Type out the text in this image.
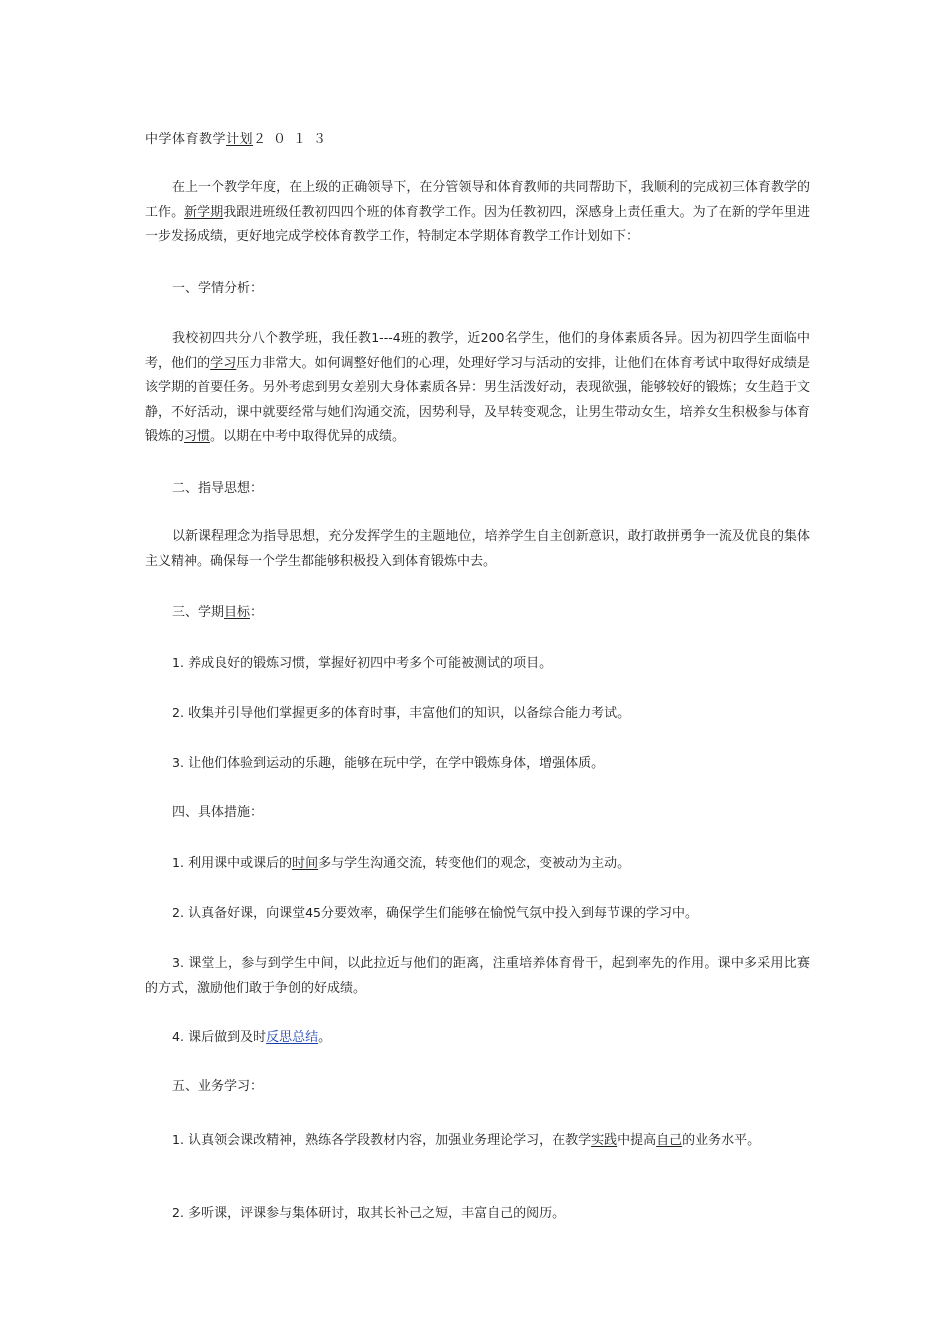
中学体育教学计划２０１３

在上一个教学年度，在上级的正确领导下，在分管领导和体育教师的共同帮助下，我顺利的完成初三体育教学的工作。新学期我跟进班级任教初四四个班的体育教学工作。因为任教初四，深感身上责任重大。为了在新的学年里进一步发扬成绩，更好地完成学校体育教学工作，特制定本学期体育教学工作计划如下：

一、学情分析：

我校初四共分八个教学班，我任教1---4班的教学，近200名学生，他们的身体素质各异。因为初四学生面临中考，他们的学习压力非常大。如何调整好他们的心理，处理好学习与活动的安排，让他们在体育考试中取得好成绩是该学期的首要任务。另外考虑到男女差别大身体素质各异：男生活泼好动，表现欲强，能够较好的锻炼；女生趋于文静，不好活动，课中就要经常与她们沟通交流，因势利导，及早转变观念，让男生带动女生，培养女生积极参与体育锻炼的习惯。以期在中考中取得优异的成绩。

二、指导思想：

以新课程理念为指导思想，充分发挥学生的主题地位，培养学生自主创新意识，敢打敢拼勇争一流及优良的集体主义精神。确保每一个学生都能够积极投入到体育锻炼中去。

三、学期目标：

1. 养成良好的锻炼习惯，掌握好初四中考多个可能被测试的项目。

2. 收集并引导他们掌握更多的体育时事，丰富他们的知识，以备综合能力考试。

3. 让他们体验到运动的乐趣，能够在玩中学，在学中锻炼身体，增强体质。

四、具体措施：

1. 利用课中或课后的时间多与学生沟通交流，转变他们的观念，变被动为主动。

2. 认真备好课，向课堂45分要效率，确保学生们能够在愉悦气氛中投入到每节课的学习中。

3. 课堂上，参与到学生中间，以此拉近与他们的距离，注重培养体育骨干，起到率先的作用。课中多采用比赛的方式，激励他们敢于争创的好成绩。

4. 课后做到及时反思总结。

五、业务学习：

1. 认真领会课改精神，熟练各学段教材内容，加强业务理论学习，在教学实践中提高自己的业务水平。

2. 多听课，评课参与集体研讨，取其长补己之短，丰富自己的阅历。
